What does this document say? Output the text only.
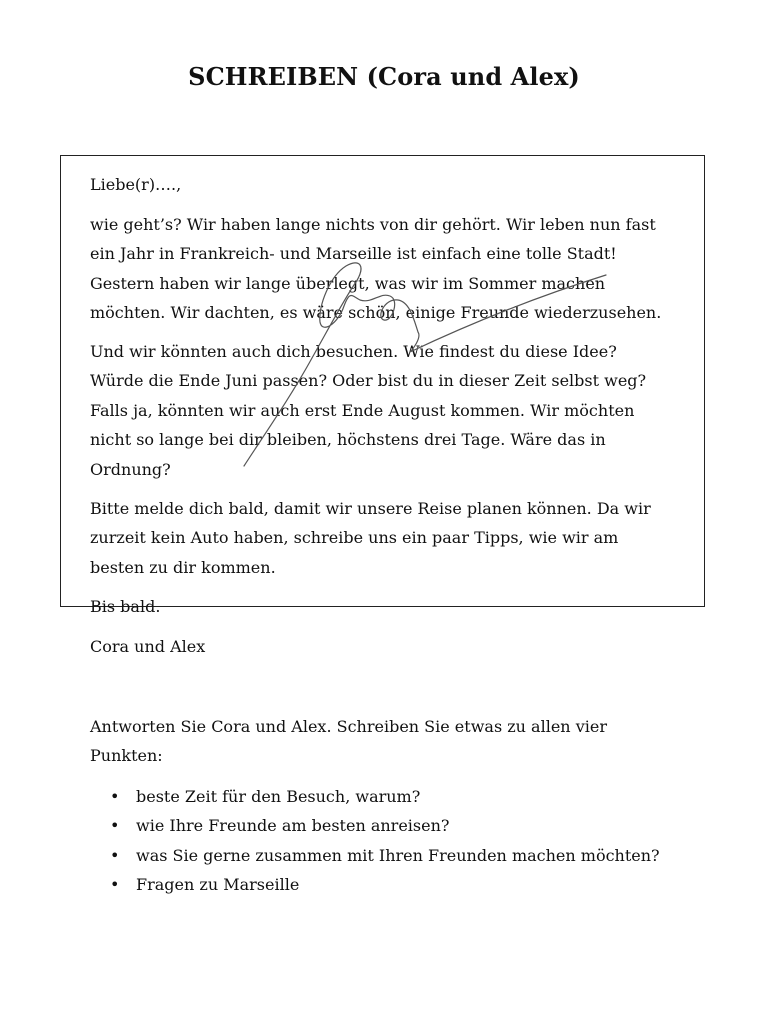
SCHREIBEN (Cora und Alex)

Liebe(r)….,

wie geht’s? Wir haben lange nichts von dir gehört. Wir leben nun fast
ein Jahr in Frankreich- und Marseille ist einfach eine tolle Stadt!
Gestern haben wir lange überlegt, was wir im Sommer machen
möchten. Wir dachten, es wäre schön, einige Freunde wiederzusehen.
Und wir könnten auch dich besuchen. Wie findest du diese Idee?
Würde die Ende Juni passen? Oder bist du in dieser Zeit selbst weg?
Falls ja, könnten wir auch erst Ende August kommen. Wir möchten
nicht so lange bei dir bleiben, höchstens drei Tage. Wäre das in
Ordnung?
Bitte melde dich bald, damit wir unsere Reise planen können. Da wir
zurzeit kein Auto haben, schreibe uns ein paar Tipps, wie wir am
besten zu dir kommen.

Bis bald.

Cora und Alex

Antworten Sie Cora und Alex. Schreiben Sie etwas zu allen vier
Punkten:
• beste Zeit für den Besuch, warum?
• wie Ihre Freunde am besten anreisen?
• was Sie gerne zusammen mit Ihren Freunden machen möchten?
• Fragen zu Marseille
